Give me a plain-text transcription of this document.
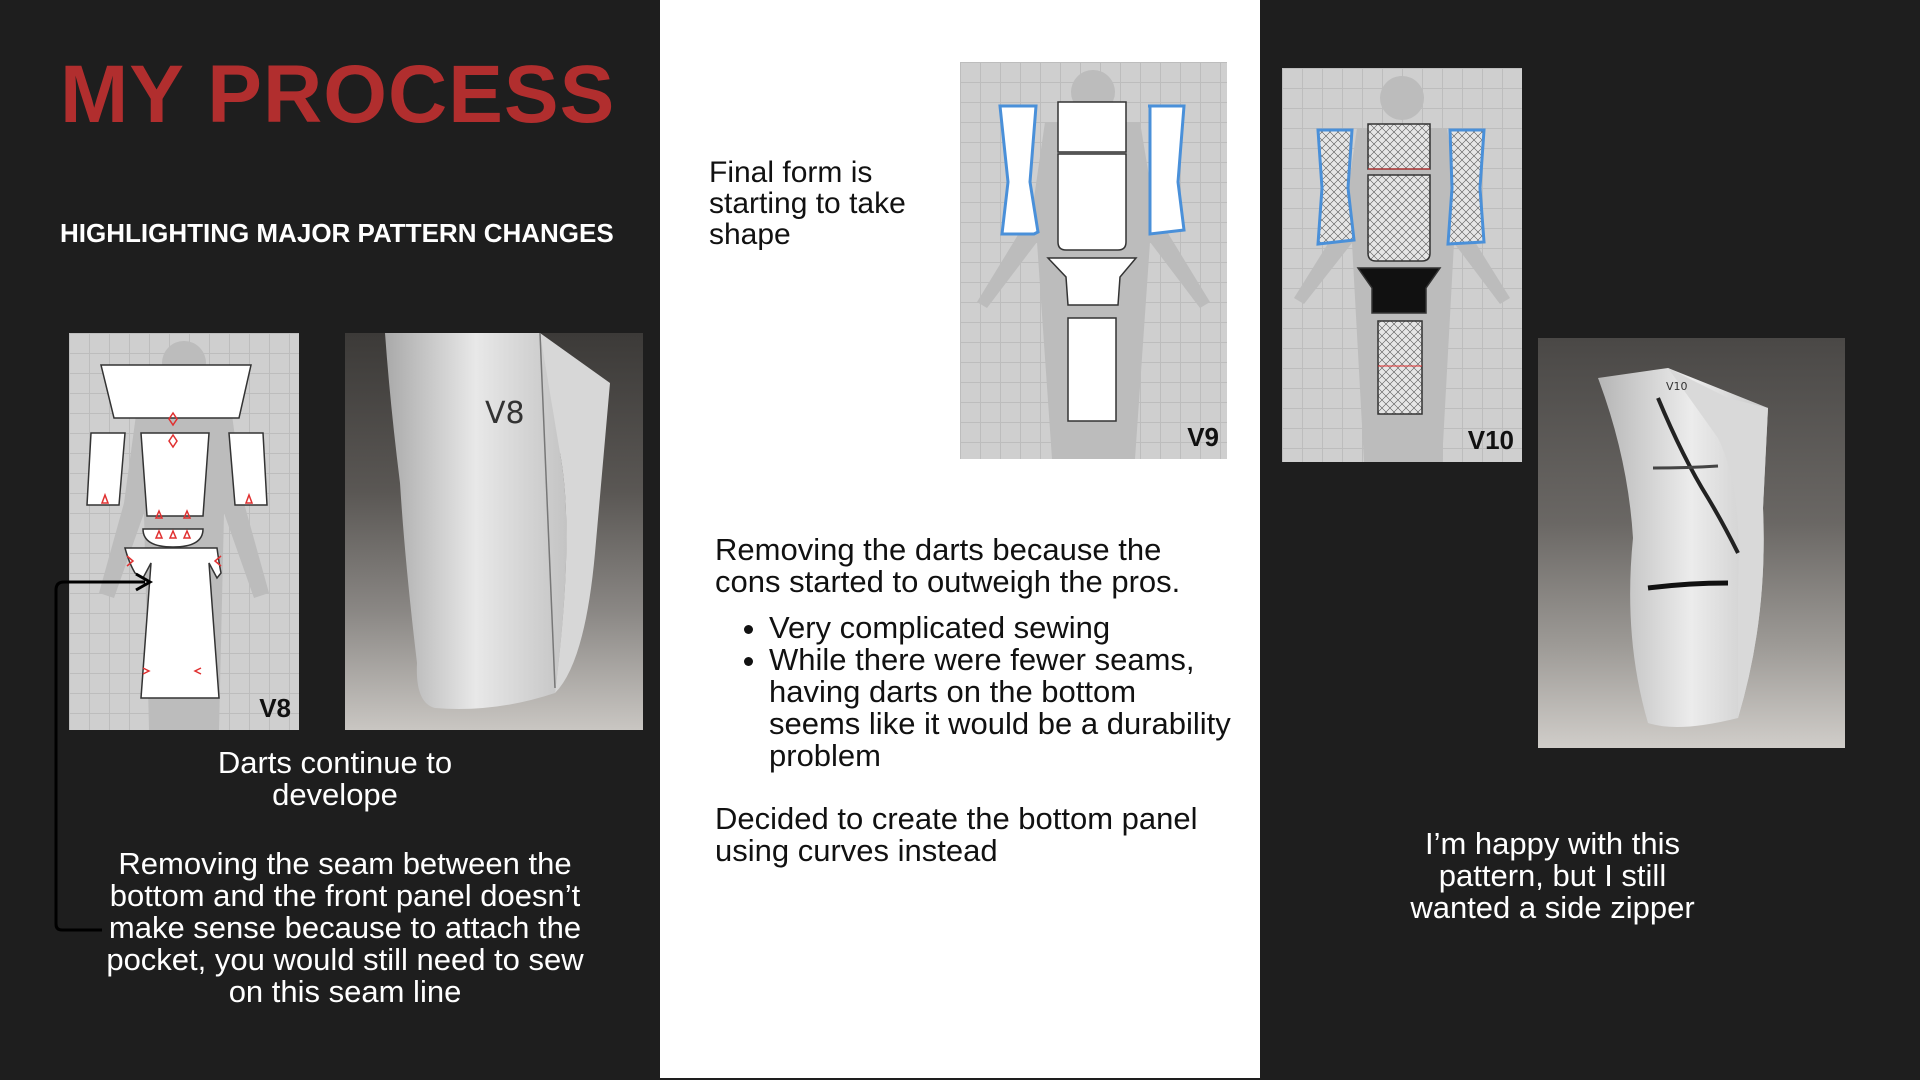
MY PROCESS
HIGHLIGHTING MAJOR PATTERN CHANGES
V8
V8
Darts continue to develope
Removing the seam between the bottom and the front panel doesn’t make sense because to attach the pocket, you would still need to sew on this seam line
Final form is starting to take shape
V9
Removing the darts because the cons started to outweigh the pros.
• Very complicated sewing
• While there were fewer seams, having darts on the bottom seems like it would be a durability problem
Decided to create the bottom panel using curves instead
V10
V10
I’m happy with this pattern, but I still wanted a side zipper
